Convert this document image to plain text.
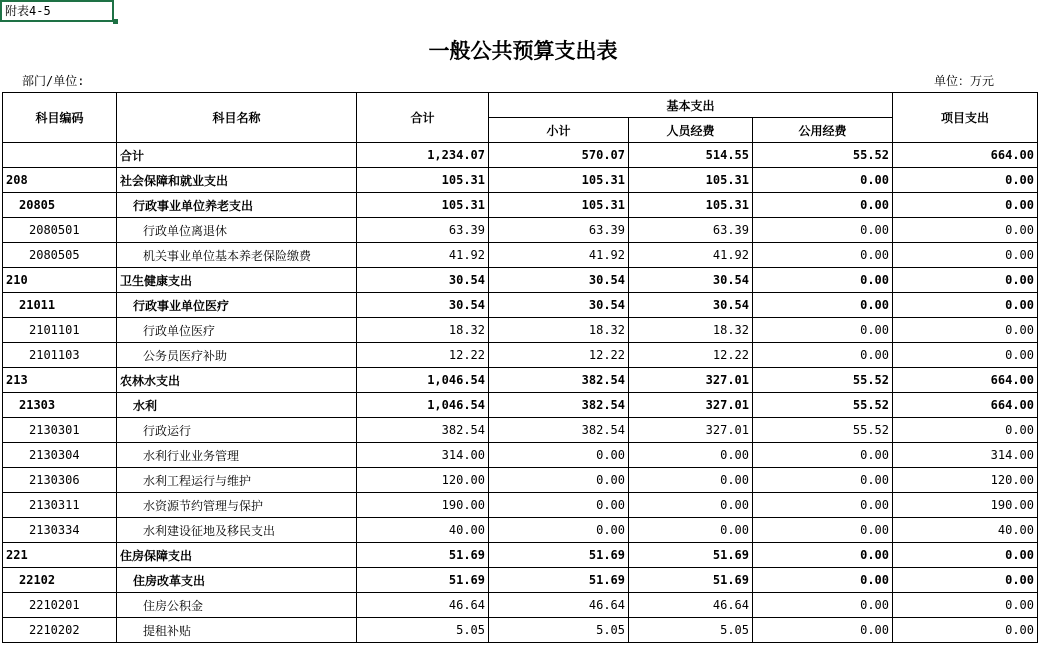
附表4-5
一般公共预算支出表
部门/单位:	单位：万元
科目编码	科目名称	合计	基本支出			项目支出
			小计	人员经费	公用经费	
	合计	1,234.07	570.07	514.55	55.52	664.00
208	社会保障和就业支出	105.31	105.31	105.31	0.00	0.00
20805	行政事业单位养老支出	105.31	105.31	105.31	0.00	0.00
2080501	行政单位离退休	63.39	63.39	63.39	0.00	0.00
2080505	机关事业单位基本养老保险缴费	41.92	41.92	41.92	0.00	0.00
210	卫生健康支出	30.54	30.54	30.54	0.00	0.00
21011	行政事业单位医疗	30.54	30.54	30.54	0.00	0.00
2101101	行政单位医疗	18.32	18.32	18.32	0.00	0.00
2101103	公务员医疗补助	12.22	12.22	12.22	0.00	0.00
213	农林水支出	1,046.54	382.54	327.01	55.52	664.00
21303	水利	1,046.54	382.54	327.01	55.52	664.00
2130301	行政运行	382.54	382.54	327.01	55.52	0.00
2130304	水利行业业务管理	314.00	0.00	0.00	0.00	314.00
2130306	水利工程运行与维护	120.00	0.00	0.00	0.00	120.00
2130311	水资源节约管理与保护	190.00	0.00	0.00	0.00	190.00
2130334	水利建设征地及移民支出	40.00	0.00	0.00	0.00	40.00
221	住房保障支出	51.69	51.69	51.69	0.00	0.00
22102	住房改革支出	51.69	51.69	51.69	0.00	0.00
2210201	住房公积金	46.64	46.64	46.64	0.00	0.00
2210202	提租补贴	5.05	5.05	5.05	0.00	0.00
